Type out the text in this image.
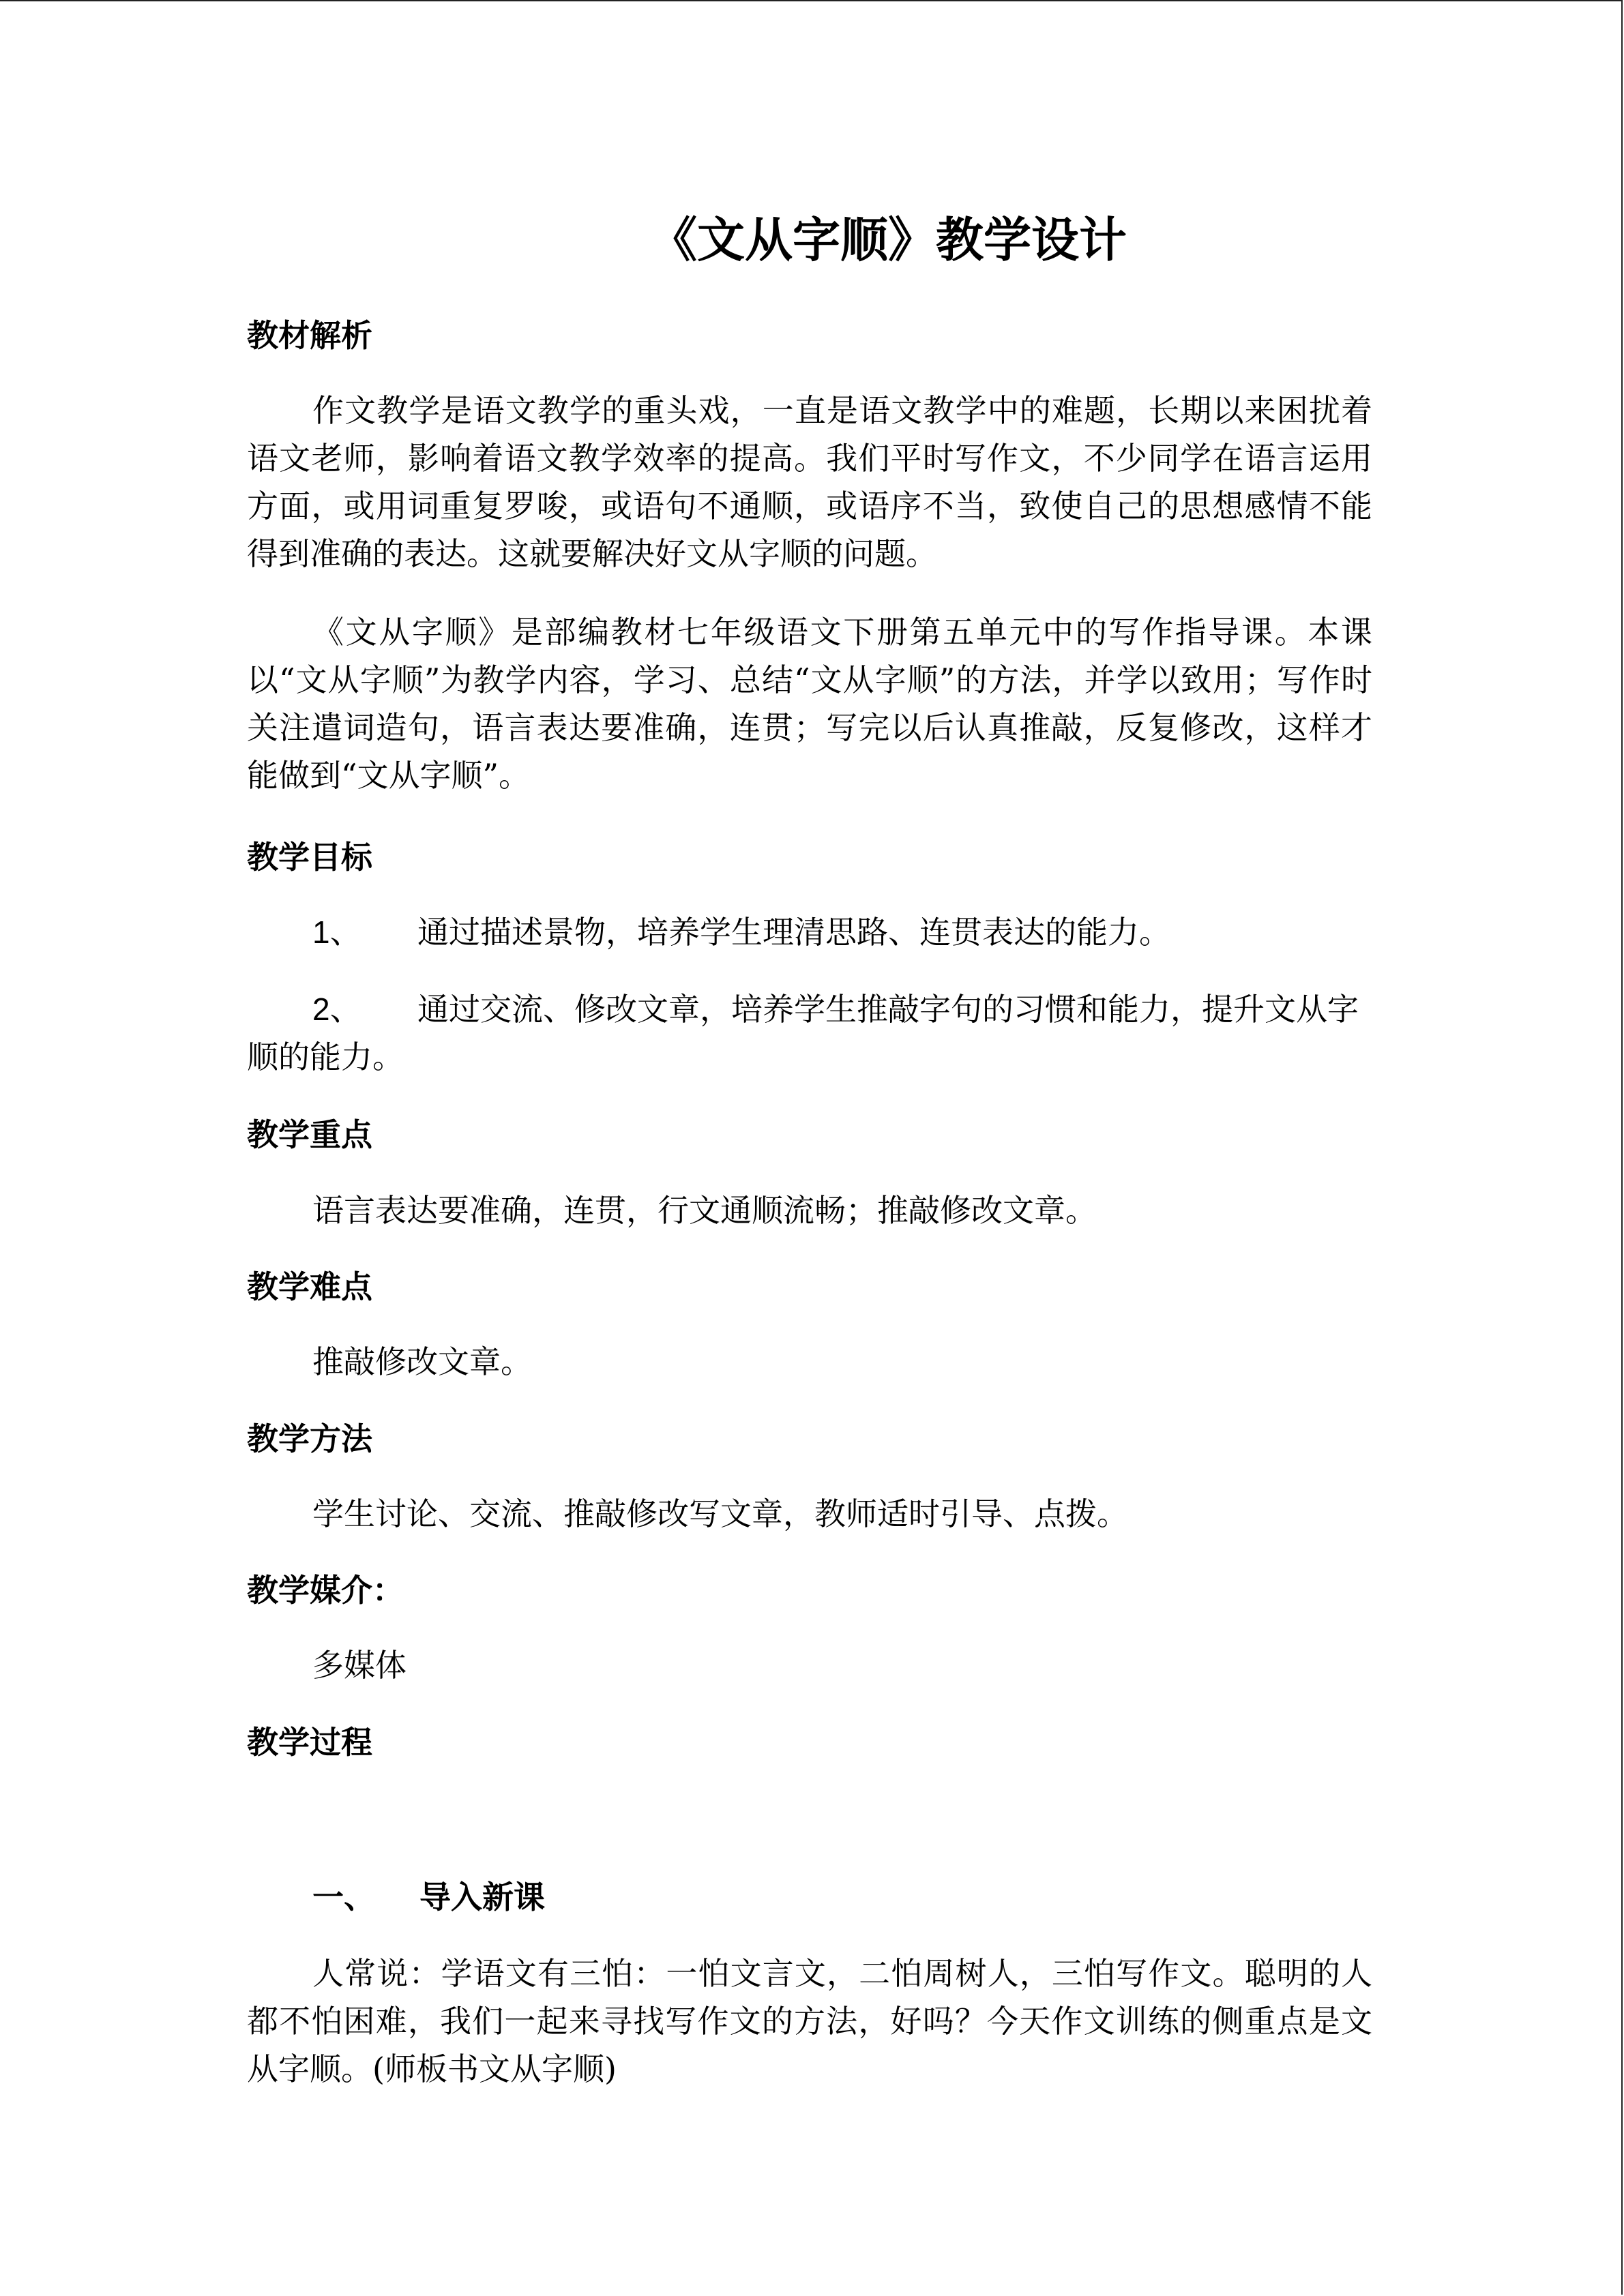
《文从字顺》教学设计
教材解析

作文教学是语文教学的重头戏，一直是语文教学中的难题，长期以来困扰着语文老师，影响着语文教学效率的提高。我们平时写作文，不少同学在语言运用方面，或用词重复罗唆，或语句不通顺，或语序不当，致使自己的思想感情不能得到准确的表达。这就要解决好文从字顺的问题。

《文从字顺》是部编教材七年级语文下册第五单元中的写作指导课。本课以“文从字顺”为教学内容，学习、总结“文从字顺”的方法，并学以致用；写作时关注遣词造句，语言表达要准确，连贯；写完以后认真推敲，反复修改，这样才能做到“文从字顺”。

教学目标

1、 通过描述景物，培养学生理清思路、连贯表达的能力。

2、 通过交流、修改文章，培养学生推敲字句的习惯和能力，提升文从字顺的能力。

教学重点
语言表达要准确，连贯，行文通顺流畅；推敲修改文章。
教学难点
推敲修改文章。
教学方法
学生讨论、交流、推敲修改写文章，教师适时引导、点拨。
教学媒介：
多媒体
教学过程
一、 导入新课

人常说：学语文有三怕：一怕文言文，二怕周树人，三怕写作文。聪明的人都不怕困难，我们一起来寻找写作文的方法，好吗？今天作文训练的侧重点是文从字顺。(师板书文从字顺)
